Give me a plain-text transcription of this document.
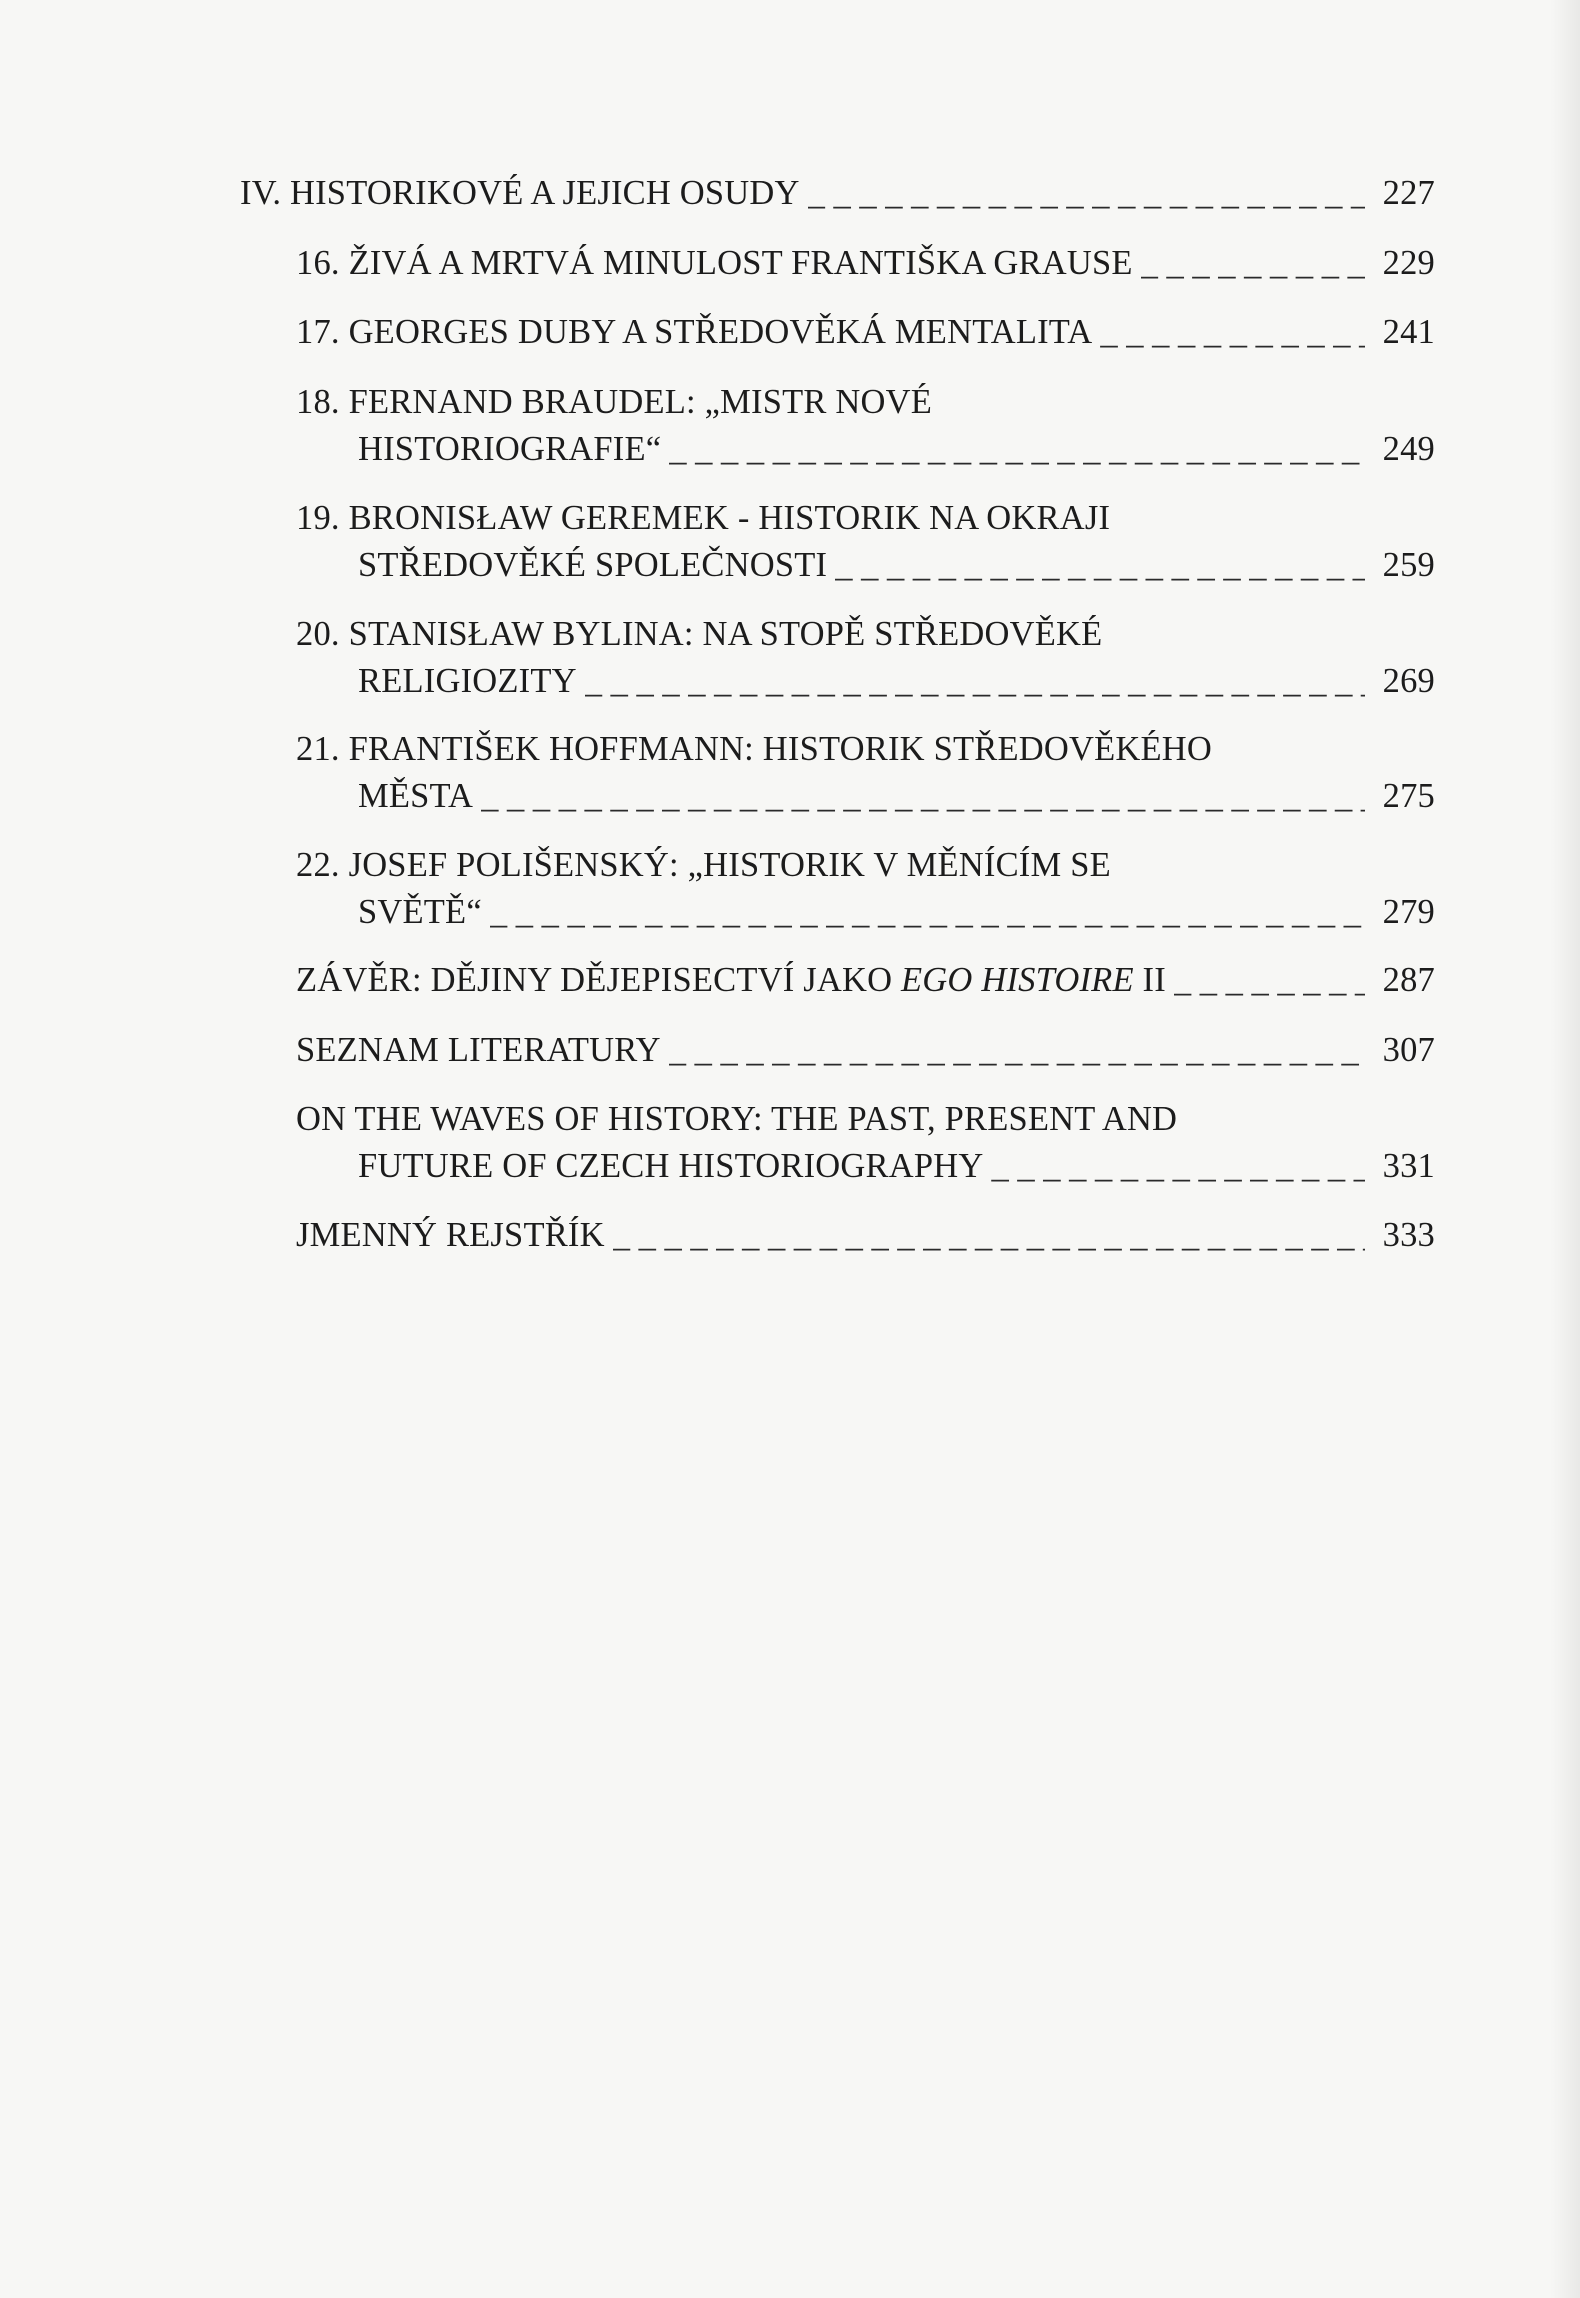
IV. HISTORIKOVÉ A JEJICH OSUDY _ _ _	227
16. ŽIVÁ A MRTVÁ MINULOST FRANTIŠKA GRAUSE _ _ _	229
17. GEORGES DUBY A STŘEDOVĚKÁ MENTALITA _ _ _	241
18. FERNAND BRAUDEL: „MISTR NOVÉ
HISTORIOGRAFIE“ _ _ _	249
19. BRONISŁAW GEREMEK - HISTORIK NA OKRAJI
STŘEDOVĚKÉ SPOLEČNOSTI _ _ _	259
20. STANISŁAW BYLINA: NA STOPĚ STŘEDOVĚKÉ
RELIGIOZITY _ _ _	269
21. FRANTIŠEK HOFFMANN: HISTORIK STŘEDOVĚKÉHO
MĚSTA _ _ _	275
22. JOSEF POLIŠENSKÝ: „HISTORIK V MĚNÍCÍM SE
SVĚTĚ“ _ _ _	279
ZÁVĚR: DĚJINY DĚJEPISECTVÍ JAKO EGO HISTOIRE II _ _ _	287
SEZNAM LITERATURY _ _ _	307
ON THE WAVES OF HISTORY: THE PAST, PRESENT AND
FUTURE OF CZECH HISTORIOGRAPHY _ _ _	331
JMENNÝ REJSTŘÍK _ _ _	333
